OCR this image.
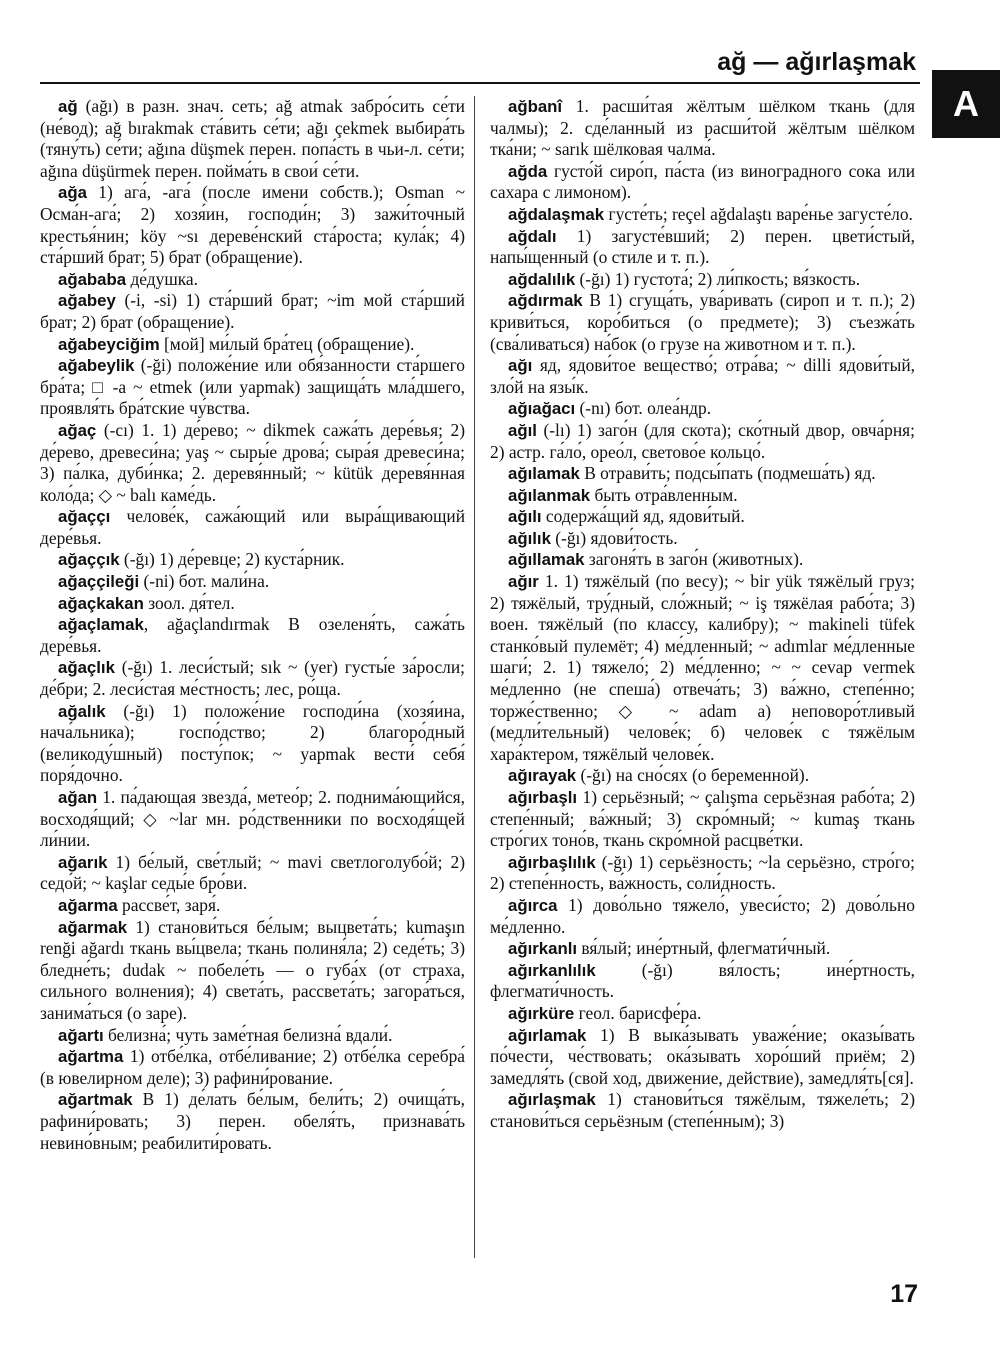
ağ — ağırlaşmak
A

ağ (ağı) в разн. знач. сеть; ağ atmak забро́сить се́ти (не́вод); ağ bırakmak ста́вить се́ти; ağı çekmek выбира́ть (тяну́ть) се́ти; ağına düşmek перен. попа́сть в чьи-л. се́ти; ağına düşürmek перен. пойма́ть в свои́ се́ти.

ağa 1) ага́, -ага́ (после имени собств.); Osman ~ Осма́н-ага́; 2) хозя́ин, господи́н; 3) зажи́точный крестья́нин; köy ~sı дереве́нский ста́роста; кула́к; 4) ста́рший брат; 5) брат (обращение).

ağababa де́душка.

ağabey (-i, -si) 1) ста́рший брат; ~im мой ста́рший брат; 2) брат (обращение).

ağabeyciğim [мой] ми́лый бра́тец (обращение).

ağabeylik (-ği) положе́ние или обя́занности ста́ршего бра́та; □ -a ~ etmek (или yapmak) защища́ть мла́дшего, проявля́ть бра́тские чу́вства.

ağaç (-cı) 1. 1) де́рево; ~ dikmek сажа́ть дере́вья; 2) де́рево, древеси́на; yaş ~ сыры́е дрова́; сыра́я древеси́на; 3) па́лка, дуби́нка; 2. деревя́нный; ~ kütük деревя́нная коло́да; ◇ ~ balı каме́дь.

ağaççı челове́к, сажа́ющий или выра́щивающий дере́вья.

ağaççık (-ğı) 1) де́ревце; 2) куста́рник.

ağaççileği (-ni) бот. мали́на.

ağaçkakan зоол. дя́тел.

ağaçlamak, ağaçlandırmak B озеленя́ть, сажа́ть дере́вья.

ağaçlık (-ğı) 1. леси́стый; sık ~ (yer) густы́е за́росли; де́бри; 2. леси́стая ме́стность; лес, ро́ща.

ağalık (-ğı) 1) положе́ние господи́на (хозя́ина, нача́льника); госпо́дство; 2) благоро́дный (великоду́шный) посту́пок; ~ yapmak вести́ себя́ поря́дочно.

ağan 1. па́дающая звезда́, метео́р; 2. поднима́ющийся, восходя́щий; ◇ ~lar мн. ро́дственники по восходя́щей ли́нии.

ağarık 1) бе́лый, све́тлый; ~ mavi светлоголубо́й; 2) седо́й; ~ kaşlar седы́е бро́ви.

ağarma рассве́т, заря́.

ağarmak 1) станови́ться бе́лым; выцвета́ть; kumaşın renği ağardı ткань вы́цвела; ткань полиня́ла; 2) седе́ть; 3) бледне́ть; dudak ~ побеле́ть — о губа́х (от страха, сильного волнения); 4) света́ть, рассвета́ть; загора́ться, занима́ться (о заре).

ağartı белизна́; чуть заме́тная белизна́ вдали́.

ağartma 1) отбе́лка, отбе́ливание; 2) отбе́лка серебра́ (в ювелирном деле); 3) рафини́рование.

ağartmak B 1) де́лать бе́лым, бели́ть; 2) очища́ть, рафини́ровать; 3) перен. обеля́ть, признава́ть невино́вным; реабилити́ровать.

ağbanî 1. расши́тая жёлтым шёлком ткань (для чалмы); 2. сде́ланный из расши́той жёлтым шёлком тка́ни; ~ sarık шёлковая чалма́.

ağda густо́й сиро́п, па́ста (из виноградного сока или сахара с лимоном).

ağdalaşmak густе́ть; reçel ağdalaştı варе́нье загусте́ло.

ağdalı 1) загусте́вший; 2) перен. цвети́стый, напы́щенный (о стиле и т. п.).

ağdalılık (-ğı) 1) густота́; 2) ли́пкость; вя́зкость.

ağdırmak B 1) сгуща́ть, ува́ривать (сироп и т. п.); 2) криви́ться, коро́биться (о предмете); 3) съезжа́ть (сва́ливаться) на́бок (о грузе на животном и т. п.).

ağı яд, ядови́тое вещество́; отра́ва; ~ dilli ядови́тый, зло́й на язы́к.

ağıağacı (-nı) бот. олеа́ндр.

ağıl (-lı) 1) заго́н (для скота); ско́тный двор, овча́рня; 2) астр. га́ло́, орео́л, светово́е кольцо́.

ağılamak B отрави́ть; подсы́пать (подмеша́ть) яд.

ağılanmak быть отра́вленным.

ağılı содержа́щий яд, ядови́тый.

ağılık (-ğı) ядови́тость.

ağıllamak загоня́ть в заго́н (животных).

ağır 1. 1) тяжёлый (по весу); ~ bir yük тяжёлый груз; 2) тяжёлый, тру́дный, сло́жный; ~ iş тяжёлая рабо́та; 3) воен. тяжёлый (по классу, калибру); ~ makineli tüfek станко́вый пулемёт; 4) ме́дленный; ~ adımlar ме́дленные шаги́; 2. 1) тяжело́; 2) ме́дленно; ~ ~ cevap vermek ме́дленно (не спеша́) отвеча́ть; 3) ва́жно, степе́нно; торже́ственно; ◇ ~ adam а) неповоро́тливый (медли́тельный) челове́к; б) челове́к с тяжёлым хара́ктером, тяжёлый челове́к.

ağırayak (-ğı) на сно́сях (о беременной).

ağırbaşlı 1) серьёзный; ~ çalışma серьёзная рабо́та; 2) степе́нный; ва́жный; 3) скро́мный; ~ kumaş ткань стро́гих тоно́в, ткань скро́мной расцве́тки.

ağırbaşlılık (-ğı) 1) серьёзность; ~la серьёзно, стро́го; 2) степе́нность, ва́жность, соли́дность.

ağırca 1) дово́льно тяжело́, увеси́сто; 2) дово́льно ме́дленно.

ağırkanlı вя́лый; ине́ртный, флегмати́чный.

ağırkanlılık (-ğı) вя́лость; ине́ртность, флегмати́чность.

ağırküre геол. барисфе́ра.

ağırlamak 1) B выка́зывать уваже́ние; оказы́вать по́чести, че́ствовать; ока́зывать хоро́ший приём; 2) замедля́ть (свой ход, движение, действие), замедля́ть[ся].

ağırlaşmak 1) станови́ться тяжёлым, тяжеле́ть; 2) станови́ться серьёзным (степе́нным); 3)

17
